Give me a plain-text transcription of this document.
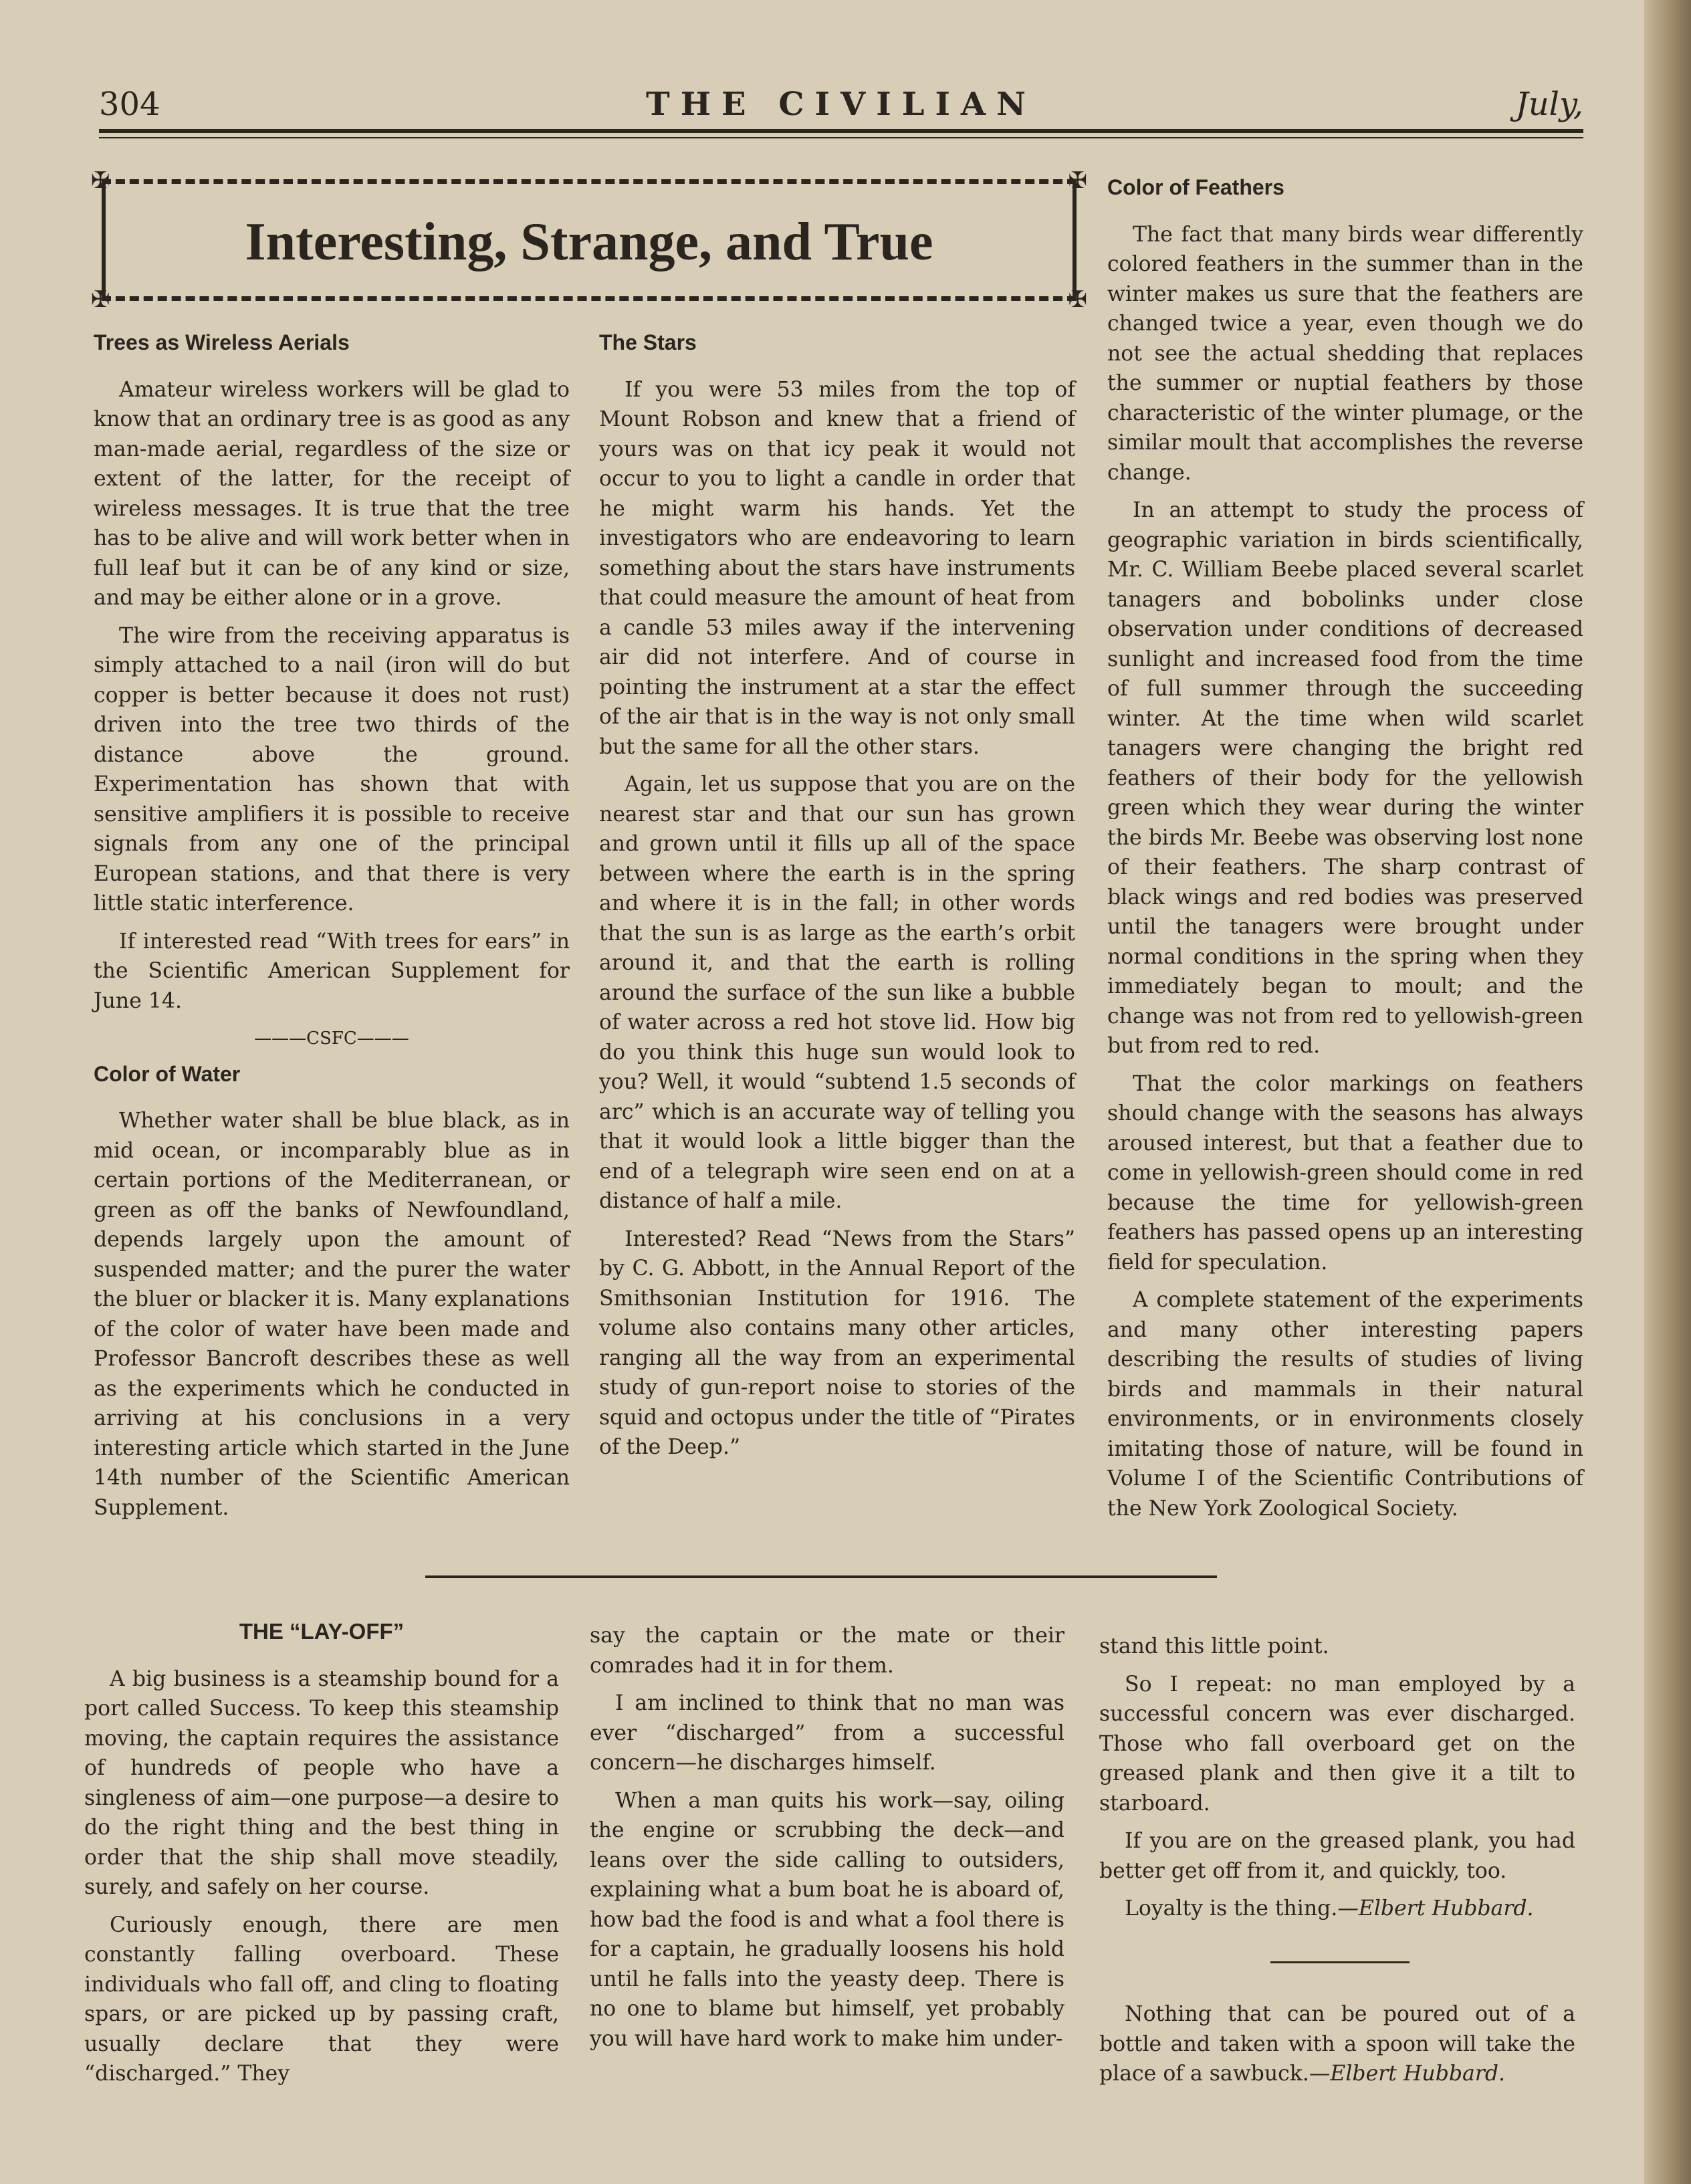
THE CIVILIAN
304	July,
✠	✠
✠	✠
Interesting, Strange, and True
Trees as Wireless Aerials

Amateur wireless workers will be glad to know that an ordinary tree is as good as any man-made aerial, regardless of the size or extent of the latter, for the receipt of wireless messages. It is true that the tree has to be alive and will work better when in full leaf but it can be of any kind or size, and may be either alone or in a grove.

The wire from the receiving apparatus is simply attached to a nail (iron will do but copper is better because it does not rust) driven into the tree two thirds of the distance above the ground. Experimentation has shown that with sensitive amplifiers it is possible to receive signals from any one of the principal European stations, and that there is very little static interference.

If interested read “With trees for ears” in the Scientific American Supplement for June 14.

———CSFC———
Color of Water

Whether water shall be blue black, as in mid ocean, or incomparably blue as in certain portions of the Mediterranean, or green as off the banks of Newfoundland, depends largely upon the amount of suspended matter; and the purer the water the bluer or blacker it is. Many explanations of the color of water have been made and Professor Bancroft describes these as well as the experiments which he conducted in arriving at his conclusions in a very interesting article which started in the June 14th number of the Scientific American Supplement.

The Stars

If you were 53 miles from the top of Mount Robson and knew that a friend of yours was on that icy peak it would not occur to you to light a candle in order that he might warm his hands. Yet the investigators who are endeavoring to learn something about the stars have instruments that could measure the amount of heat from a candle 53 miles away if the intervening air did not interfere. And of course in pointing the instrument at a star the effect of the air that is in the way is not only small but the same for all the other stars.

Again, let us suppose that you are on the nearest star and that our sun has grown and grown until it fills up all of the space between where the earth is in the spring and where it is in the fall; in other words that the sun is as large as the earth’s orbit around it, and that the earth is rolling around the surface of the sun like a bubble of water across a red hot stove lid. How big do you think this huge sun would look to you? Well, it would “subtend 1.5 seconds of arc” which is an accurate way of telling you that it would look a little bigger than the end of a telegraph wire seen end on at a distance of half a mile.

Interested? Read “News from the Stars” by C. G. Abbott, in the Annual Report of the Smithsonian Institution for 1916. The volume also contains many other articles, ranging all the way from an experimental study of gun-report noise to stories of the squid and octopus under the title of “Pirates of the Deep.”

Color of Feathers

The fact that many birds wear differently colored feathers in the summer than in the winter makes us sure that the feathers are changed twice a year, even though we do not see the actual shedding that replaces the summer or nuptial feathers by those characteristic of the winter plumage, or the similar moult that accomplishes the reverse change.

In an attempt to study the process of geographic variation in birds scientifically, Mr. C. William Beebe placed several scarlet tanagers and bobolinks under close observation under conditions of decreased sunlight and increased food from the time of full summer through the succeeding winter. At the time when wild scarlet tanagers were changing the bright red feathers of their body for the yellowish green which they wear during the winter the birds Mr. Beebe was observing lost none of their feathers. The sharp contrast of black wings and red bodies was preserved until the tanagers were brought under normal conditions in the spring when they immediately began to moult; and the change was not from red to yellowish-green but from red to red.

That the color markings on feathers should change with the seasons has always aroused interest, but that a feather due to come in yellowish-green should come in red because the time for yellowish-green feathers has passed opens up an interesting field for speculation.

A complete statement of the experiments and many other interesting papers describing the results of studies of living birds and mammals in their natural environments, or in environments closely imitating those of nature, will be found in Volume I of the Scientific Contributions of the New York Zoological Society.

THE “LAY-OFF”

A big business is a steamship bound for a port called Success. To keep this steamship moving, the captain requires the assistance of hundreds of people who have a singleness of aim—one purpose—a desire to do the right thing and the best thing in order that the ship shall move steadily, surely, and safely on her course.

Curiously enough, there are men constantly falling overboard. These individuals who fall off, and cling to floating spars, or are picked up by passing craft, usually declare that they were “discharged.” They

say the captain or the mate or their comrades had it in for them.

I am inclined to think that no man was ever “discharged” from a successful concern—he discharges himself.

When a man quits his work—say, oiling the engine or scrubbing the deck—and leans over the side calling to outsiders, explaining what a bum boat he is aboard of, how bad the food is and what a fool there is for a captain, he gradually loosens his hold until he falls into the yeasty deep. There is no one to blame but himself, yet probably you will have hard work to make him under-

stand this little point.

So I repeat: no man employed by a successful concern was ever discharged. Those who fall overboard get on the greased plank and then give it a tilt to starboard.

If you are on the greased plank, you had better get off from it, and quickly, too.

Loyalty is the thing.—Elbert Hubbard.

Nothing that can be poured out of a bottle and taken with a spoon will take the place of a sawbuck.—Elbert Hubbard.
